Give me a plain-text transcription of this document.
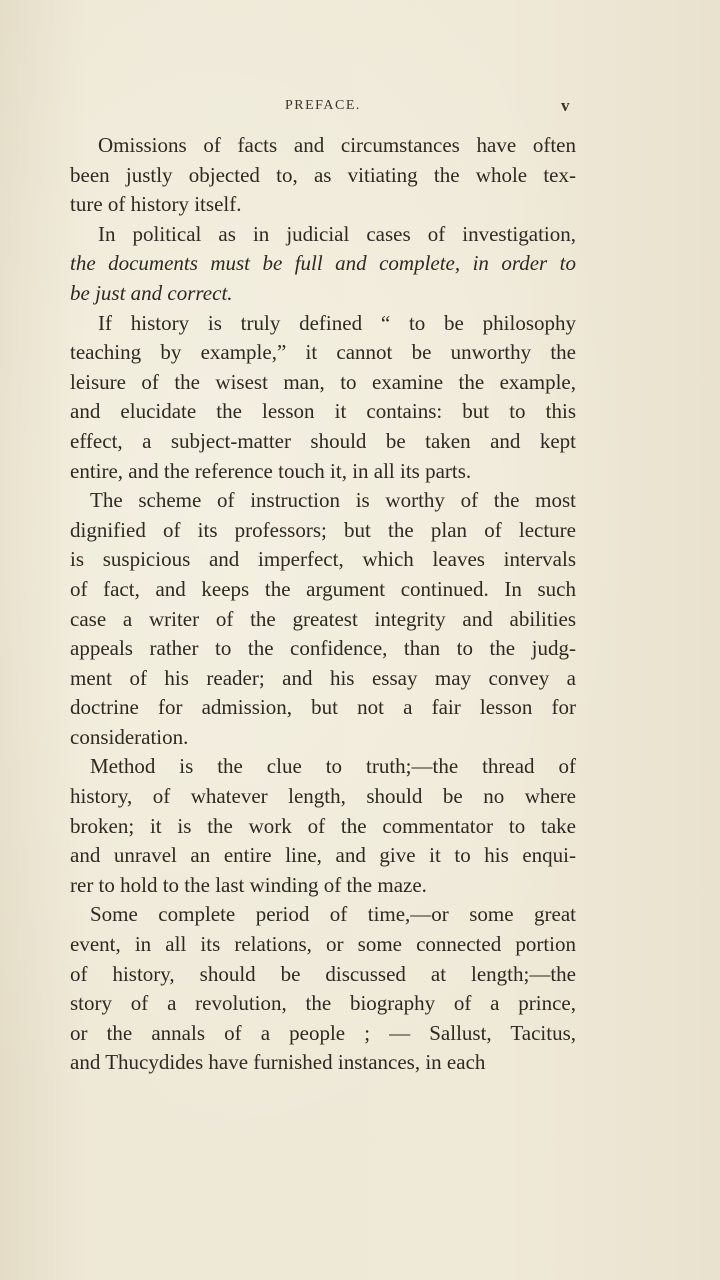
PREFACE.	v
Omissions of facts and circumstances have often
been justly objected to, as vitiating the whole tex-
ture of history itself.
In political as in judicial cases of investigation,
the documents must be full and complete, in order to
be just and correct.
If history is truly defined “ to be philosophy
teaching by example,” it cannot be unworthy the
leisure of the wisest man, to examine the example,
and elucidate the lesson it contains: but to this
effect, a subject-matter should be taken and kept
entire, and the reference touch it, in all its parts.
The scheme of instruction is worthy of the most
dignified of its professors; but the plan of lecture
is suspicious and imperfect, which leaves intervals
of fact, and keeps the argument continued. In such
case a writer of the greatest integrity and abilities
appeals rather to the confidence, than to the judg-
ment of his reader; and his essay may convey a
doctrine for admission, but not a fair lesson for
consideration.
Method is the clue to truth;—the thread of
history, of whatever length, should be no where
broken; it is the work of the commentator to take
and unravel an entire line, and give it to his enqui-
rer to hold to the last winding of the maze.
Some complete period of time,—or some great
event, in all its relations, or some connected portion
of history, should be discussed at length;—the
story of a revolution, the biography of a prince,
or the annals of a people ; — Sallust, Tacitus,
and Thucydides have furnished instances, in each
